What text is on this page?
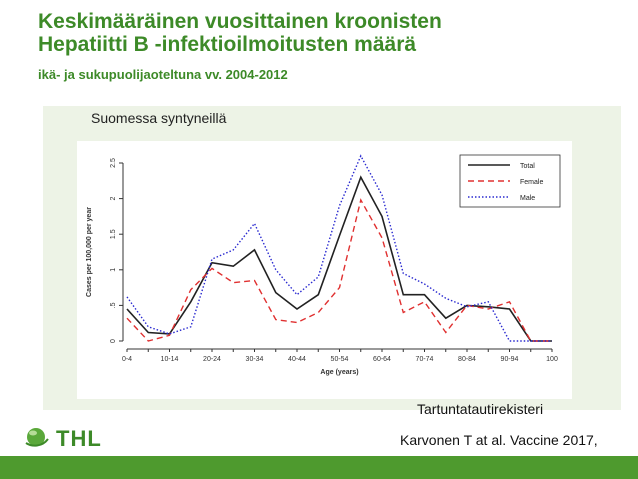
Keskimääräinen vuosittainen kroonisten
Hepatiitti B -infektioilmoitusten määrä
ikä- ja sukupuolijaoteltuna vv. 2004-2012
Suomessa syntyneillä
0
.5
1
1.5
2
2.5
0-4	10-14	20-24	30-34	40-44	50-54	60-64	70-74	80-84	90-94	100
Age (years)
Cases per 100,000 per year
Total
Female
Male
Tartuntatautirekisteri
THL	Karvonen T at al. Vaccine 2017,
